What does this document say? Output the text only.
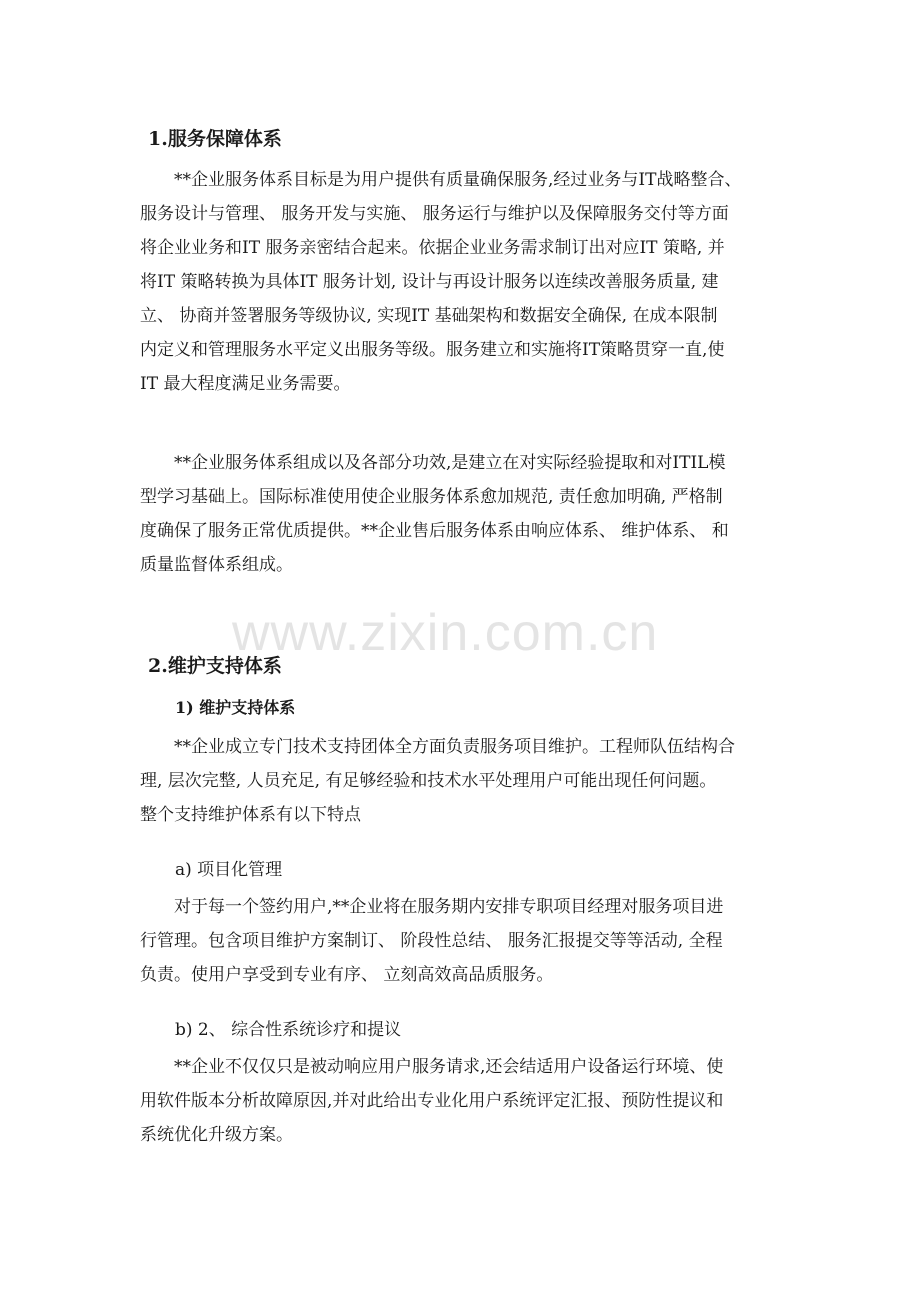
1.服务保障体系

**企业服务体系目标是为用户提供有质量确保服务,经过业务与IT战略整合、
服务设计与管理、 服务开发与实施、 服务运行与维护以及保障服务交付等方面
将企业业务和IT 服务亲密结合起来。依据企业业务需求制订出对应IT 策略, 并
将IT 策略转换为具体IT 服务计划, 设计与再设计服务以连续改善服务质量, 建
立、 协商并签署服务等级协议, 实现IT 基础架构和数据安全确保, 在成本限制
内定义和管理服务水平定义出服务等级。服务建立和实施将IT策略贯穿一直,使
IT 最大程度满足业务需要。

**企业服务体系组成以及各部分功效,是建立在对实际经验提取和对ITIL模
型学习基础上。国际标准使用使企业服务体系愈加规范, 责任愈加明确, 严格制
度确保了服务正常优质提供。**企业售后服务体系由响应体系、 维护体系、 和
质量监督体系组成。

www.zixin.com.cn
2.维护支持体系
1) 维护支持体系

**企业成立专门技术支持团体全方面负责服务项目维护。工程师队伍结构合
理, 层次完整, 人员充足, 有足够经验和技术水平处理用户可能出现任何问题。
整个支持维护体系有以下特点

a) 项目化管理

对于每一个签约用户,**企业将在服务期内安排专职项目经理对服务项目进
行管理。包含项目维护方案制订、 阶段性总结、 服务汇报提交等等活动, 全程
负责。使用户享受到专业有序、 立刻高效高品质服务。

b) 2、 综合性系统诊疗和提议

**企业不仅仅只是被动响应用户服务请求,还会结适用户设备运行环境、使
用软件版本分析故障原因,并对此给出专业化用户系统评定汇报、预防性提议和
系统优化升级方案。
